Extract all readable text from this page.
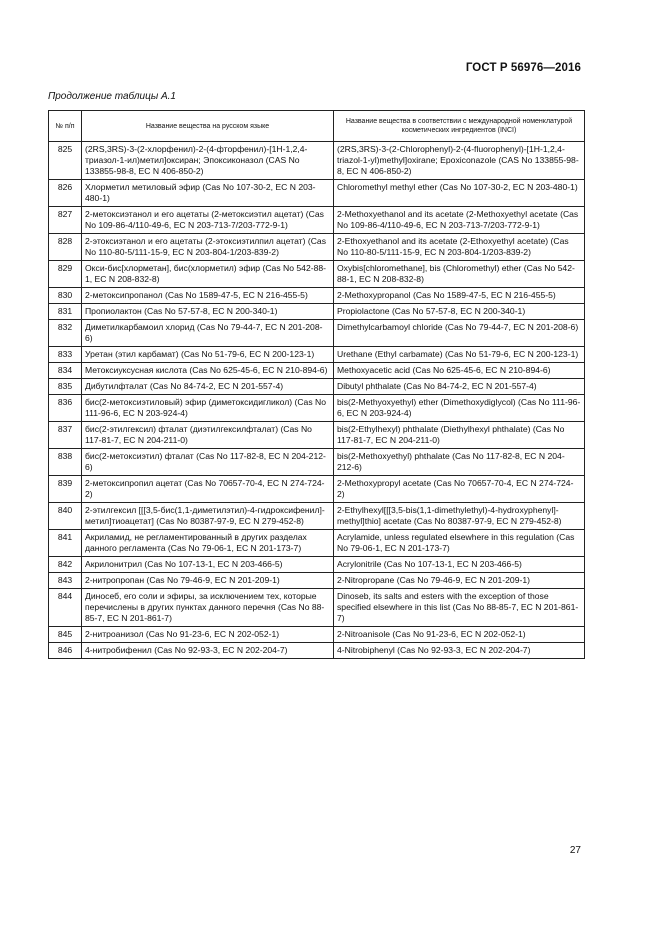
ГОСТ Р 56976—2016
Продолжение таблицы А.1
№ п/п	Название вещества на русском языке	Название вещества в соответствии с международной номенклатурой косметических ингредиентов (INCI)
825	(2RS,3RS)-3-(2-хлорфенил)-2-(4-фторфенил)-[1Н-1,2,4-триазол-1-ил)метил]оксиран; Эпоксиконазол (CAS No 133855-98-8, ЕС N 406-850-2)	(2RS,3RS)-3-(2-Chlorophenyl)-2-(4-fluorophenyl)-[1H-1,2,4-triazol-1-yl)methyl]oxirane; Epoxiconazole (CAS No 133855-98-8, EC N 406-850-2)
826	Хлорметил метиловый эфир (Cas No 107-30-2, ЕС N 203-480-1)	Chloromethyl methyl ether (Cas No 107-30-2, EC N 203-480-1)
827	2-метоксиэтанол и его ацетаты (2-метоксиэтил ацетат) (Cas No 109-86-4/110-49-6, ЕС N 203-713-7/203-772-9-1)	2-Methoxyethanol and its acetate (2-Methoxyethyl acetate (Cas No 109-86-4/110-49-6, EC N 203-713-7/203-772-9-1)
828	2-этоксиэтанол и его ацетаты (2-этоксиэтилпил ацетат) (Cas No 110-80-5/111-15-9, ЕС N 203-804-1/203-839-2)	2-Ethoxyethanol and its acetate (2-Ethoxyethyl acetate) (Cas No 110-80-5/111-15-9, EC N 203-804-1/203-839-2)
829	Окси-бис[хлорметан], бис(хлорметил) эфир (Cas No 542-88-1, ЕС N 208-832-8)	Oxybis[chloromethane], bis (Chloromethyl) ether (Cas No 542-88-1, EC N 208-832-8)
830	2-метоксипропанол (Cas No 1589-47-5, ЕС N 216-455-5)	2-Methoxypropanol (Cas No 1589-47-5, EC N 216-455-5)
831	Пропиолактон (Cas No 57-57-8, ЕС N 200-340-1)	Propiolactone (Cas No 57-57-8, EC N 200-340-1)
832	Диметилкарбамоил хлорид (Cas No 79-44-7, ЕС N 201-208-6)	Dimethylcarbamoyl chloride (Cas No 79-44-7, EC N 201-208-6)
833	Уретан (этил карбамат) (Cas No 51-79-6, ЕС N 200-123-1)	Urethane (Ethyl carbamate) (Cas No 51-79-6, EC N 200-123-1)
834	Метоксиуксусная кислота (Cas No 625-45-6, ЕС N 210-894-6)	Methoxyacetic acid (Cas No 625-45-6, EC N 210-894-6)
835	Дибутилфталат (Cas No 84-74-2, ЕС N 201-557-4)	Dibutyl phthalate (Cas No 84-74-2, EC N 201-557-4)
836	бис(2-метоксиэтиловый) эфир (диметоксидигликол) (Cas No 111-96-6, ЕС N 203-924-4)	bis(2-Methyoxyethyl) ether (Dimethoxydiglycol) (Cas No 111-96-6, EC N 203-924-4)
837	бис(2-этилгексил) фталат (диэтилгексилфталат) (Cas No 117-81-7, ЕС N 204-211-0)	bis(2-Ethylhexyl) phthalate (Diethylhexyl phthalate) (Cas No 117-81-7, EC N 204-211-0)
838	бис(2-метоксиэтил) фталат (Cas No 117-82-8, ЕС N 204-212-6)	bis(2-Methoxyethyl) phthalate (Cas No 117-82-8, EC N 204-212-6)
839	2-метоксипропил ацетат (Cas No 70657-70-4, ЕС N 274-724-2)	2-Methoxypropyl acetate (Cas No 70657-70-4, EC N 274-724-2)
840	2-этилгексил [[[3,5-бис(1,1-диметилэтил)-4-гидроксифенил]-метил]тиоацетат] (Cas No 80387-97-9, ЕС N 279-452-8)	2-Ethylhexyl[[[3,5-bis(1,1-dimethylethyl)-4-hydroxyphenyl]-methyl]thio] acetate (Cas No 80387-97-9, EC N 279-452-8)
841	Акриламид, не регламентированный в других разделах данного регламента (Cas No 79-06-1, ЕС N 201-173-7)	Acrylamide, unless regulated elsewhere in this regulation (Cas No 79-06-1, EC N 201-173-7)
842	Акрилонитрил (Cas No 107-13-1, ЕС N 203-466-5)	Acrylonitrile (Cas No 107-13-1, EC N 203-466-5)
843	2-нитропропан (Cas No 79-46-9, ЕС N 201-209-1)	2-Nitropropane (Cas No 79-46-9, EC N 201-209-1)
844	Диносеб, его соли и эфиры, за исключением тех, которые перечислены в других пунктах данного перечня (Cas No 88-85-7, ЕС N 201-861-7)	Dinoseb, its salts and esters with the exception of those specified elsewhere in this list (Cas No 88-85-7, EC N 201-861-7)
845	2-нитроанизол (Cas No 91-23-6, ЕС N 202-052-1)	2-Nitroanisole (Cas No 91-23-6, EC N 202-052-1)
846	4-нитробифенил (Cas No 92-93-3, ЕС N 202-204-7)	4-Nitrobiphenyl (Cas No 92-93-3, EC N 202-204-7)
27
